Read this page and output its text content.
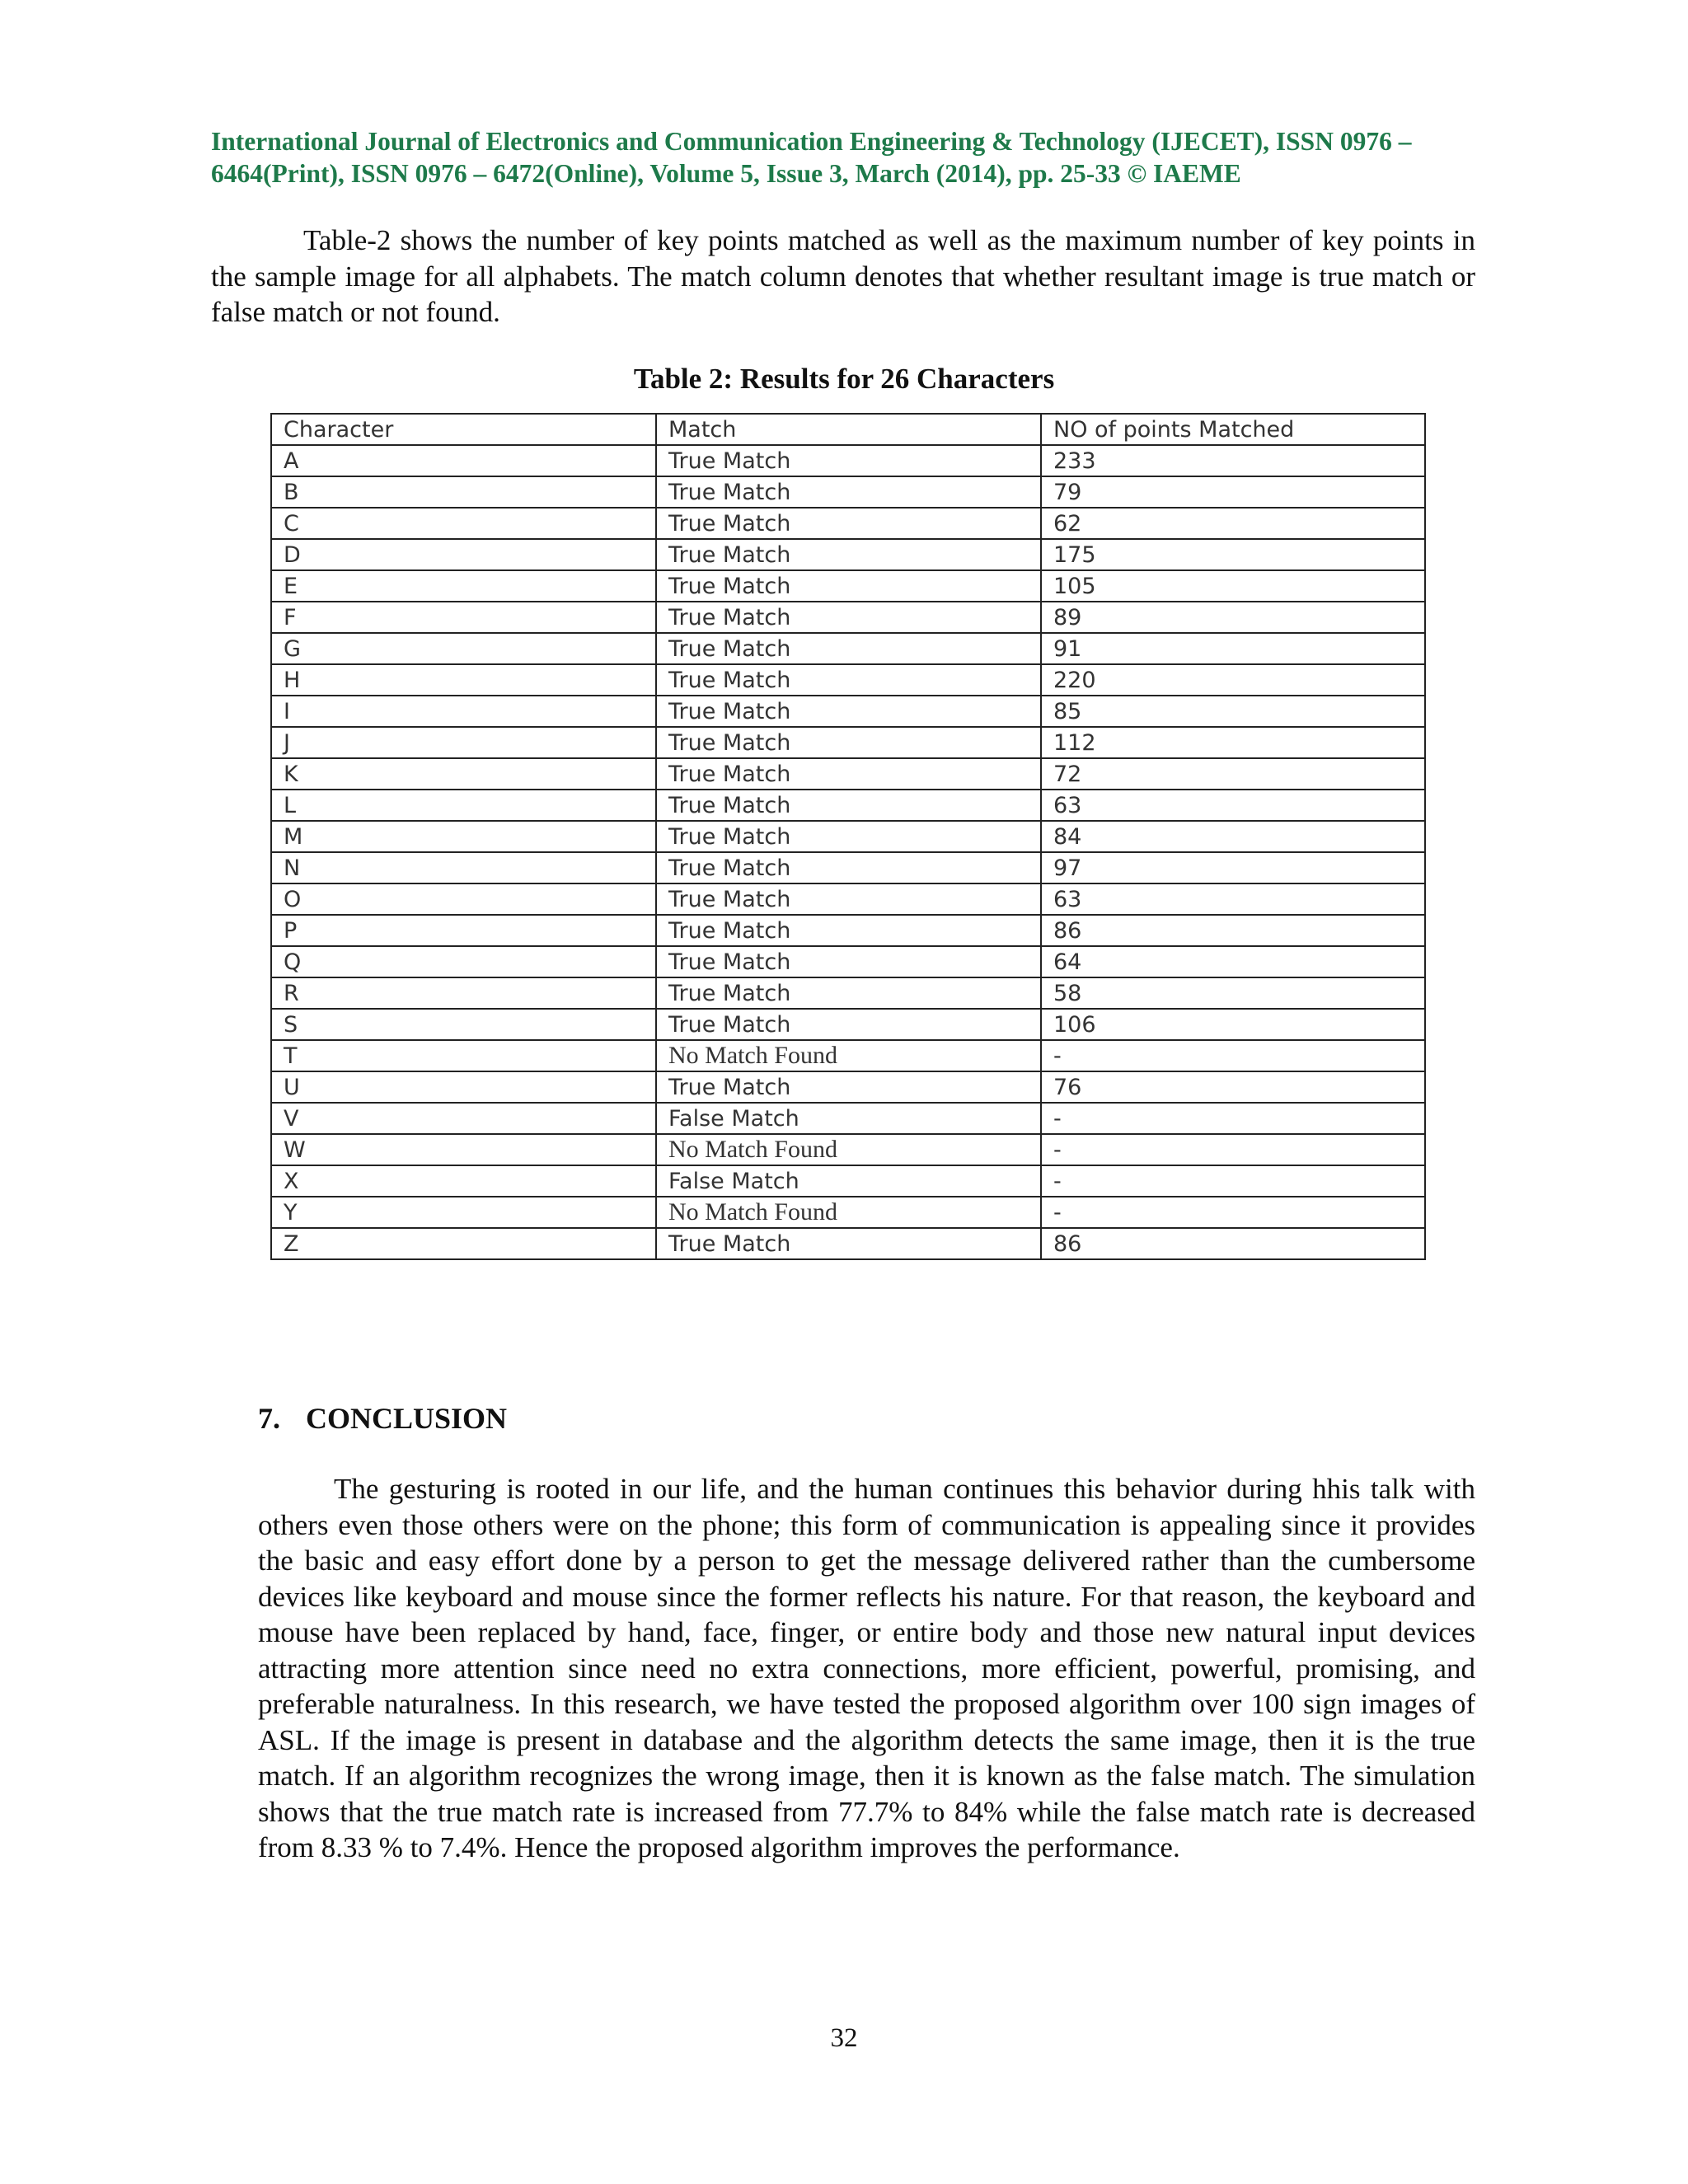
International Journal of Electronics and Communication Engineering & Technology (IJECET), ISSN 0976 – 6464(Print), ISSN 0976 – 6472(Online), Volume 5, Issue 3, March (2014), pp. 25-33 © IAEME

Table-2 shows the number of key points matched as well as the maximum number of key points in the sample image for all alphabets. The match column denotes that whether resultant image is true match or false match or not found.

Table 2: Results for 26 Characters
Character	Match	NO of points Matched
A	True Match	233
B	True Match	79
C	True Match	62
D	True Match	175
E	True Match	105
F	True Match	89
G	True Match	91
H	True Match	220
I	True Match	85
J	True Match	112
K	True Match	72
L	True Match	63
M	True Match	84
N	True Match	97
O	True Match	63
P	True Match	86
Q	True Match	64
R	True Match	58
S	True Match	106
T	No Match Found	-
U	True Match	76
V	False Match	-
W	No Match Found	-
X	False Match	-
Y	No Match Found	-
Z	True Match	86
7. CONCLUSION

The gesturing is rooted in our life, and the human continues this behavior during hhis talk with others even those others were on the phone; this form of communication is appealing since it provides the basic and easy effort done by a person to get the message delivered rather than the cumbersome devices like keyboard and mouse since the former reflects his nature. For that reason, the keyboard and mouse have been replaced by hand, face, finger, or entire body and those new natural input devices attracting more attention since need no extra connections, more efficient, powerful, promising, and preferable naturalness. In this research, we have tested the proposed algorithm over 100 sign images of ASL. If the image is present in database and the algorithm detects the same image, then it is the true match. If an algorithm recognizes the wrong image, then it is known as the false match. The simulation shows that the true match rate is increased from 77.7% to 84% while the false match rate is decreased from 8.33 % to 7.4%. Hence the proposed algorithm improves the performance.

32
